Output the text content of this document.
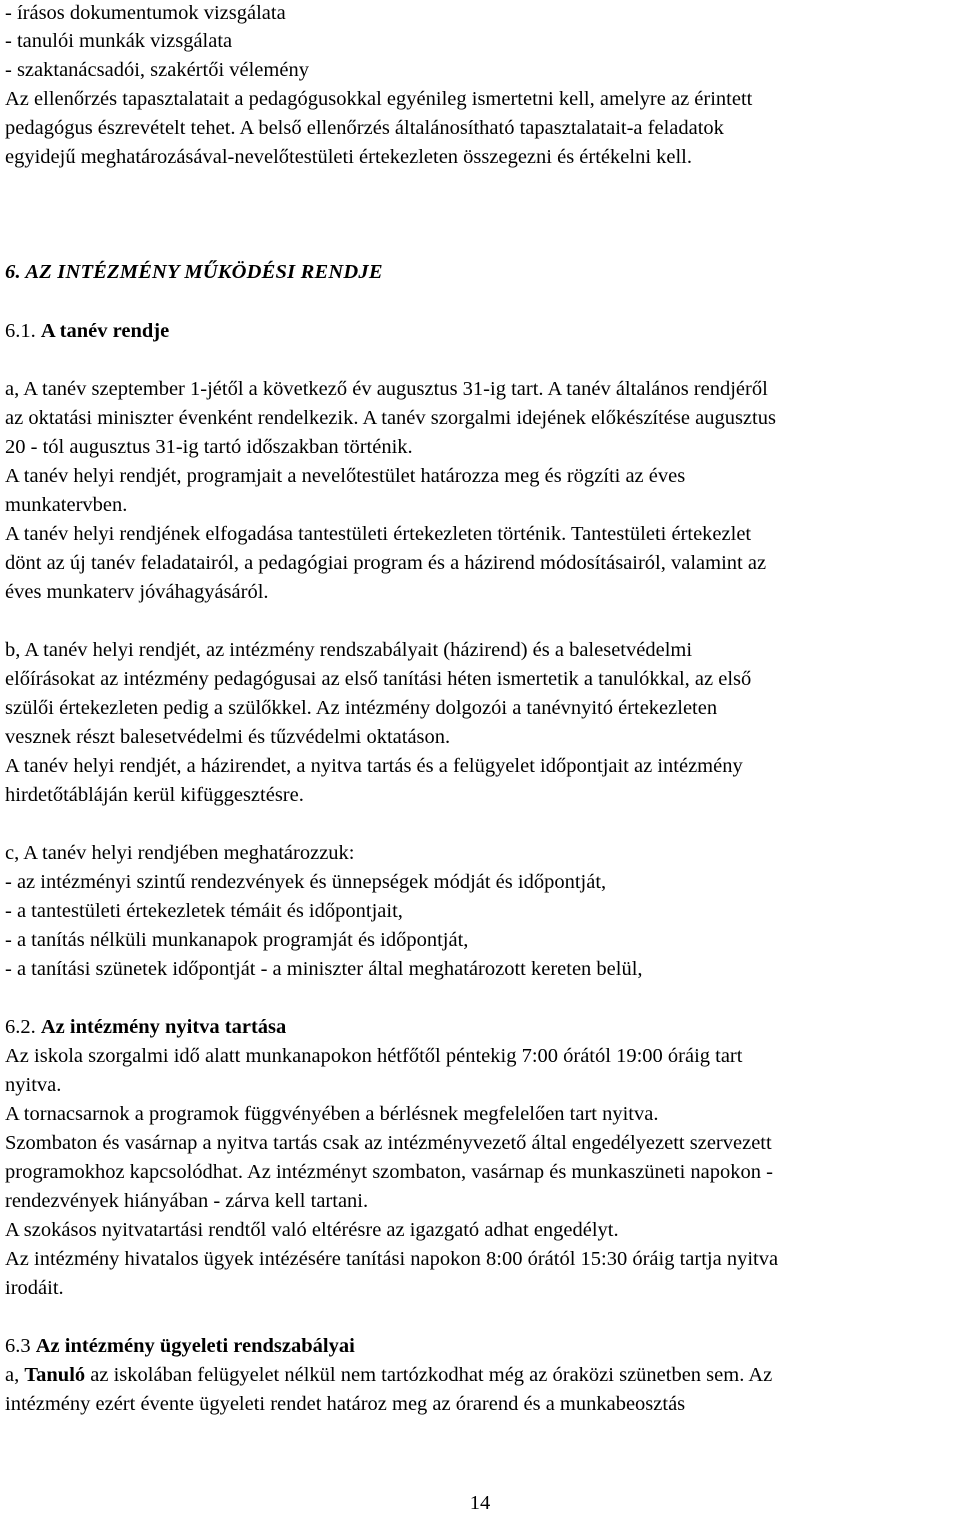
- írásos dokumentumok vizsgálata

- tanulói munkák vizsgálata

- szaktanácsadói, szakértői vélemény

Az ellenőrzés tapasztalatait a pedagógusokkal egyénileg ismertetni kell, amelyre az érintett

pedagógus észrevételt tehet. A belső ellenőrzés általánosítható tapasztalatait-a feladatok

egyidejű meghatározásával-nevelőtestületi értekezleten összegezni és értékelni kell.

6. AZ INTÉZMÉNY MŰKÖDÉSI RENDJE

6.1. A tanév rendje

a, A tanév szeptember 1-jétől a következő év augusztus 31-ig tart. A tanév általános rendjéről

az oktatási miniszter évenként rendelkezik. A tanév szorgalmi idejének előkészítése augusztus

20 - tól augusztus 31-ig tartó időszakban történik.

A tanév helyi rendjét, programjait a nevelőtestület határozza meg és rögzíti az éves

munkatervben.

A tanév helyi rendjének elfogadása tantestületi értekezleten történik. Tantestületi értekezlet

dönt az új tanév feladatairól, a pedagógiai program és a házirend módosításairól, valamint az

éves munkaterv jóváhagyásáról.

b, A tanév helyi rendjét, az intézmény rendszabályait (házirend) és a balesetvédelmi

előírásokat az intézmény pedagógusai az első tanítási héten ismertetik a tanulókkal, az első

szülői értekezleten pedig a szülőkkel. Az intézmény dolgozói a tanévnyitó értekezleten

vesznek részt balesetvédelmi és tűzvédelmi oktatáson.

A tanév helyi rendjét, a házirendet, a nyitva tartás és a felügyelet időpontjait az intézmény

hirdetőtábláján kerül kifüggesztésre.

c, A tanév helyi rendjében meghatározzuk:

- az intézményi szintű rendezvények és ünnepségek módját és időpontját,

- a tantestületi értekezletek témáit és időpontjait,

- a tanítás nélküli munkanapok programját és időpontját,

- a tanítási szünetek időpontját - a miniszter által meghatározott kereten belül,

6.2. Az intézmény nyitva tartása

Az iskola szorgalmi idő alatt munkanapokon hétfőtől péntekig 7:00 órától 19:00 óráig tart

nyitva.

A tornacsarnok a programok függvényében a bérlésnek megfelelően tart nyitva.

Szombaton és vasárnap a nyitva tartás csak az intézményvezető által engedélyezett szervezett

programokhoz kapcsolódhat. Az intézményt szombaton, vasárnap és munkaszüneti napokon -

rendezvények hiányában - zárva kell tartani.

A szokásos nyitvatartási rendtől való eltérésre az igazgató adhat engedélyt.

Az intézmény hivatalos ügyek intézésére tanítási napokon 8:00 órától 15:30 óráig tartja nyitva

irodáit.

6.3 Az intézmény ügyeleti rendszabályai

a, Tanuló az iskolában felügyelet nélkül nem tartózkodhat még az óraközi szünetben sem. Az

intézmény ezért évente ügyeleti rendet határoz meg az órarend és a munkabeosztás

14
